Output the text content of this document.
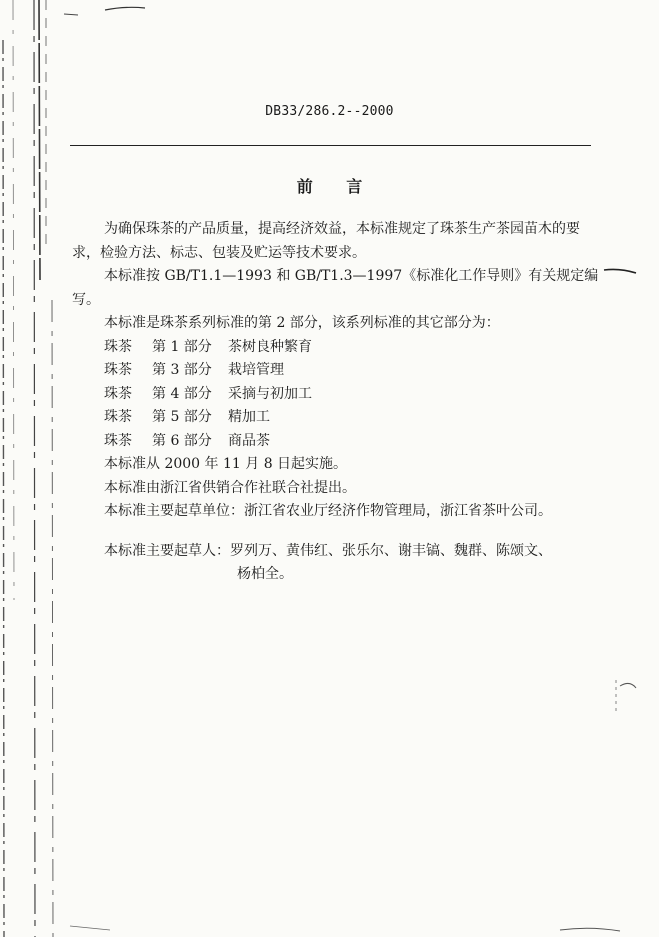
DB33/286.2--2000
前 言

为确保珠茶的产品质量，提高经济效益，本标准规定了珠茶生产茶园苗木的要求，检验方法、标志、包装及贮运等技术要求。

本标准按 GB/T1.1—1993 和 GB/T1.3—1997《标准化工作导则》有关规定编写。

本标准是珠茶系列标准的第 2 部分，该系列标准的其它部分为：

珠茶 第 1 部分 茶树良种繁育

珠茶 第 3 部分 栽培管理

珠茶 第 4 部分 采摘与初加工

珠茶 第 5 部分 精加工

珠茶 第 6 部分 商品茶

本标准从 2000 年 11 月 8 日起实施。

本标准由浙江省供销合作社联合社提出。

本标准主要起草单位：浙江省农业厅经济作物管理局，浙江省茶叶公司。

本标准主要起草人：罗列万、黄伟红、张乐尔、谢丰镐、魏群、陈颂文、

杨柏全。
